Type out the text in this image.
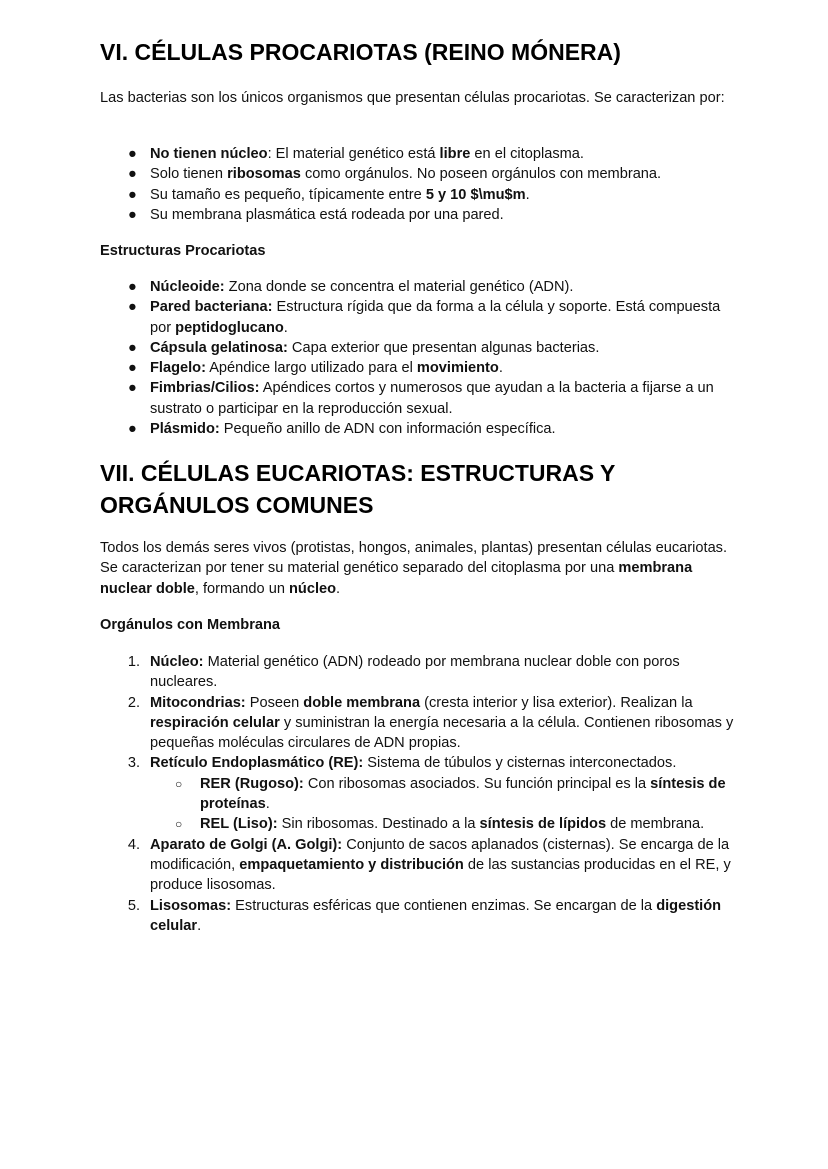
VI. CÉLULAS PROCARIOTAS (REINO MÓNERA)

Las bacterias son los únicos organismos que presentan células procariotas. Se caracterizan por:

● No tienen núcleo: El material genético está libre en el citoplasma.
● Solo tienen ribosomas como orgánulos. No poseen orgánulos con membrana.
● Su tamaño es pequeño, típicamente entre 5 y 10 $\mu$m.
● Su membrana plasmática está rodeada por una pared.
Estructuras Procariotas
● Núcleoide: Zona donde se concentra el material genético (ADN).
● Pared bacteriana: Estructura rígida que da forma a la célula y soporte. Está compuesta por peptidoglucano.
● Cápsula gelatinosa: Capa exterior que presentan algunas bacterias.
● Flagelo: Apéndice largo utilizado para el movimiento.
● Fimbrias/Cilios: Apéndices cortos y numerosos que ayudan a la bacteria a fijarse a un sustrato o participar en la reproducción sexual.
● Plásmido: Pequeño anillo de ADN con información específica.
VII. CÉLULAS EUCARIOTAS: ESTRUCTURAS Y
ORGÁNULOS COMUNES

Todos los demás seres vivos (protistas, hongos, animales, plantas) presentan células eucariotas. Se caracterizan por tener su material genético separado del citoplasma por una membrana nuclear doble, formando un núcleo.

Orgánulos con Membrana
1. Núcleo: Material genético (ADN) rodeado por membrana nuclear doble con poros nucleares.
2. Mitocondrias: Poseen doble membrana (cresta interior y lisa exterior). Realizan la respiración celular y suministran la energía necesaria a la célula. Contienen ribosomas y pequeñas moléculas circulares de ADN propias.
3. Retículo Endoplasmático (RE): Sistema de túbulos y cisternas interconectados.
○ RER (Rugoso): Con ribosomas asociados. Su función principal es la síntesis de proteínas.
○ REL (Liso): Sin ribosomas. Destinado a la síntesis de lípidos de membrana.
4. Aparato de Golgi (A. Golgi): Conjunto de sacos aplanados (cisternas). Se encarga de la modificación, empaquetamiento y distribución de las sustancias producidas en el RE, y produce lisosomas.
5. Lisosomas: Estructuras esféricas que contienen enzimas. Se encargan de la digestión celular.
